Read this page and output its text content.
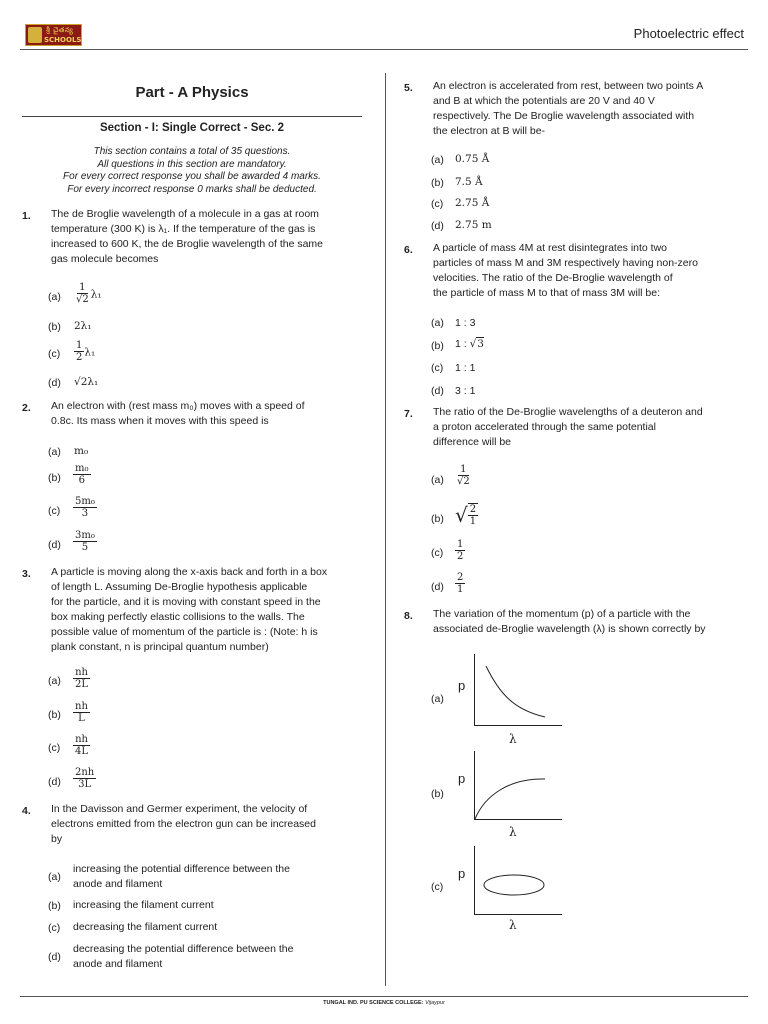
శ్రీ చైతన్య
SCHOOLS	Photoelectric effect
Part - A Physics
Section - I: Single Correct - Sec. 2
This section contains a total of 35 questions.
All questions in this section are mandatory.
For every correct response you shall be awarded 4 marks.
For every incorrect response 0 marks shall be deducted.
1. The de Broglie wavelength of a molecule in a gas at room
temperature (300 K) is λ₁. If the temperature of the gas is
increased to 600 K, the de Broglie wavelength of the same
gas molecule becomes
$(a) \frac{1}{√2} \lambda_1$
(b) 2λ₁
$(c) \frac{1}{2} \lambda_1$
(d) √2λ₁
2. An electron with (rest mass m₀) moves with a speed of
0.8c. Its mass when it moves with this speed is
(a) m₀
$(b) \frac{\text{m₀}}{6}$
$(c) \frac{\text{5m₀}}{3}$
$(d) \frac{\text{3m₀}}{5}$
3. A particle is moving along the x-axis back and forth in a box
of length L. Assuming De-Broglie hypothesis applicable
for the particle, and it is moving with constant speed in the
box making perfectly elastic collisions to the walls. The
possible value of momentum of the particle is : (Note: h is
plank constant, n is principal quantum number)
$(a) \frac{nh}{2L}$
$(b) \frac{nh}{L}$
$(c) \frac{nh}{4L}$
$(d) \frac{2nh}{3L}$
4. In the Davisson and Germer experiment, the velocity of
electrons emitted from the electron gun can be increased
by
(a)
increasing the potential difference between the
anode and filament
(b) increasing the filament current
(c) decreasing the filament current
(d)
decreasing the potential difference between the
anode and filament
5. An electron is accelerated from rest, between two points A
and B at which the potentials are 20 V and 40 V
respectively. The De Broglie wavelength associated with
the electron at B will be-
(a) 0.75 Å
(b) 7.5 Å
(c) 2.75 Å
(d) 2.75 m
6. A particle of mass 4M at rest disintegrates into two
particles of mass M and 3M respectively having non-zero
velocities. The ratio of the De-Broglie wavelength of
the particle of mass M to that of mass 3M will be:
(a) 1 : 3
(b) 1 : √3
(c) 1 : 1
(d) 3 : 1
7. The ratio of the De-Broglie wavelengths of a deuteron and
a proton accelerated through the same potential
difference will be
$(a) \frac{1}{√2}$
(b) √ $\frac{2}{1}$
$(c) \frac{1}{2}$
$(d) \frac{2}{1}$
8. The variation of the momentum (p) of a particle with the
associated de-Broglie wavelength (λ) is shown correctly by
(a)
p
λ
(b)
p
λ
(c)
p
λ
TUNGAL IND. PU SCIENCE COLLEGE: Vijaypur
